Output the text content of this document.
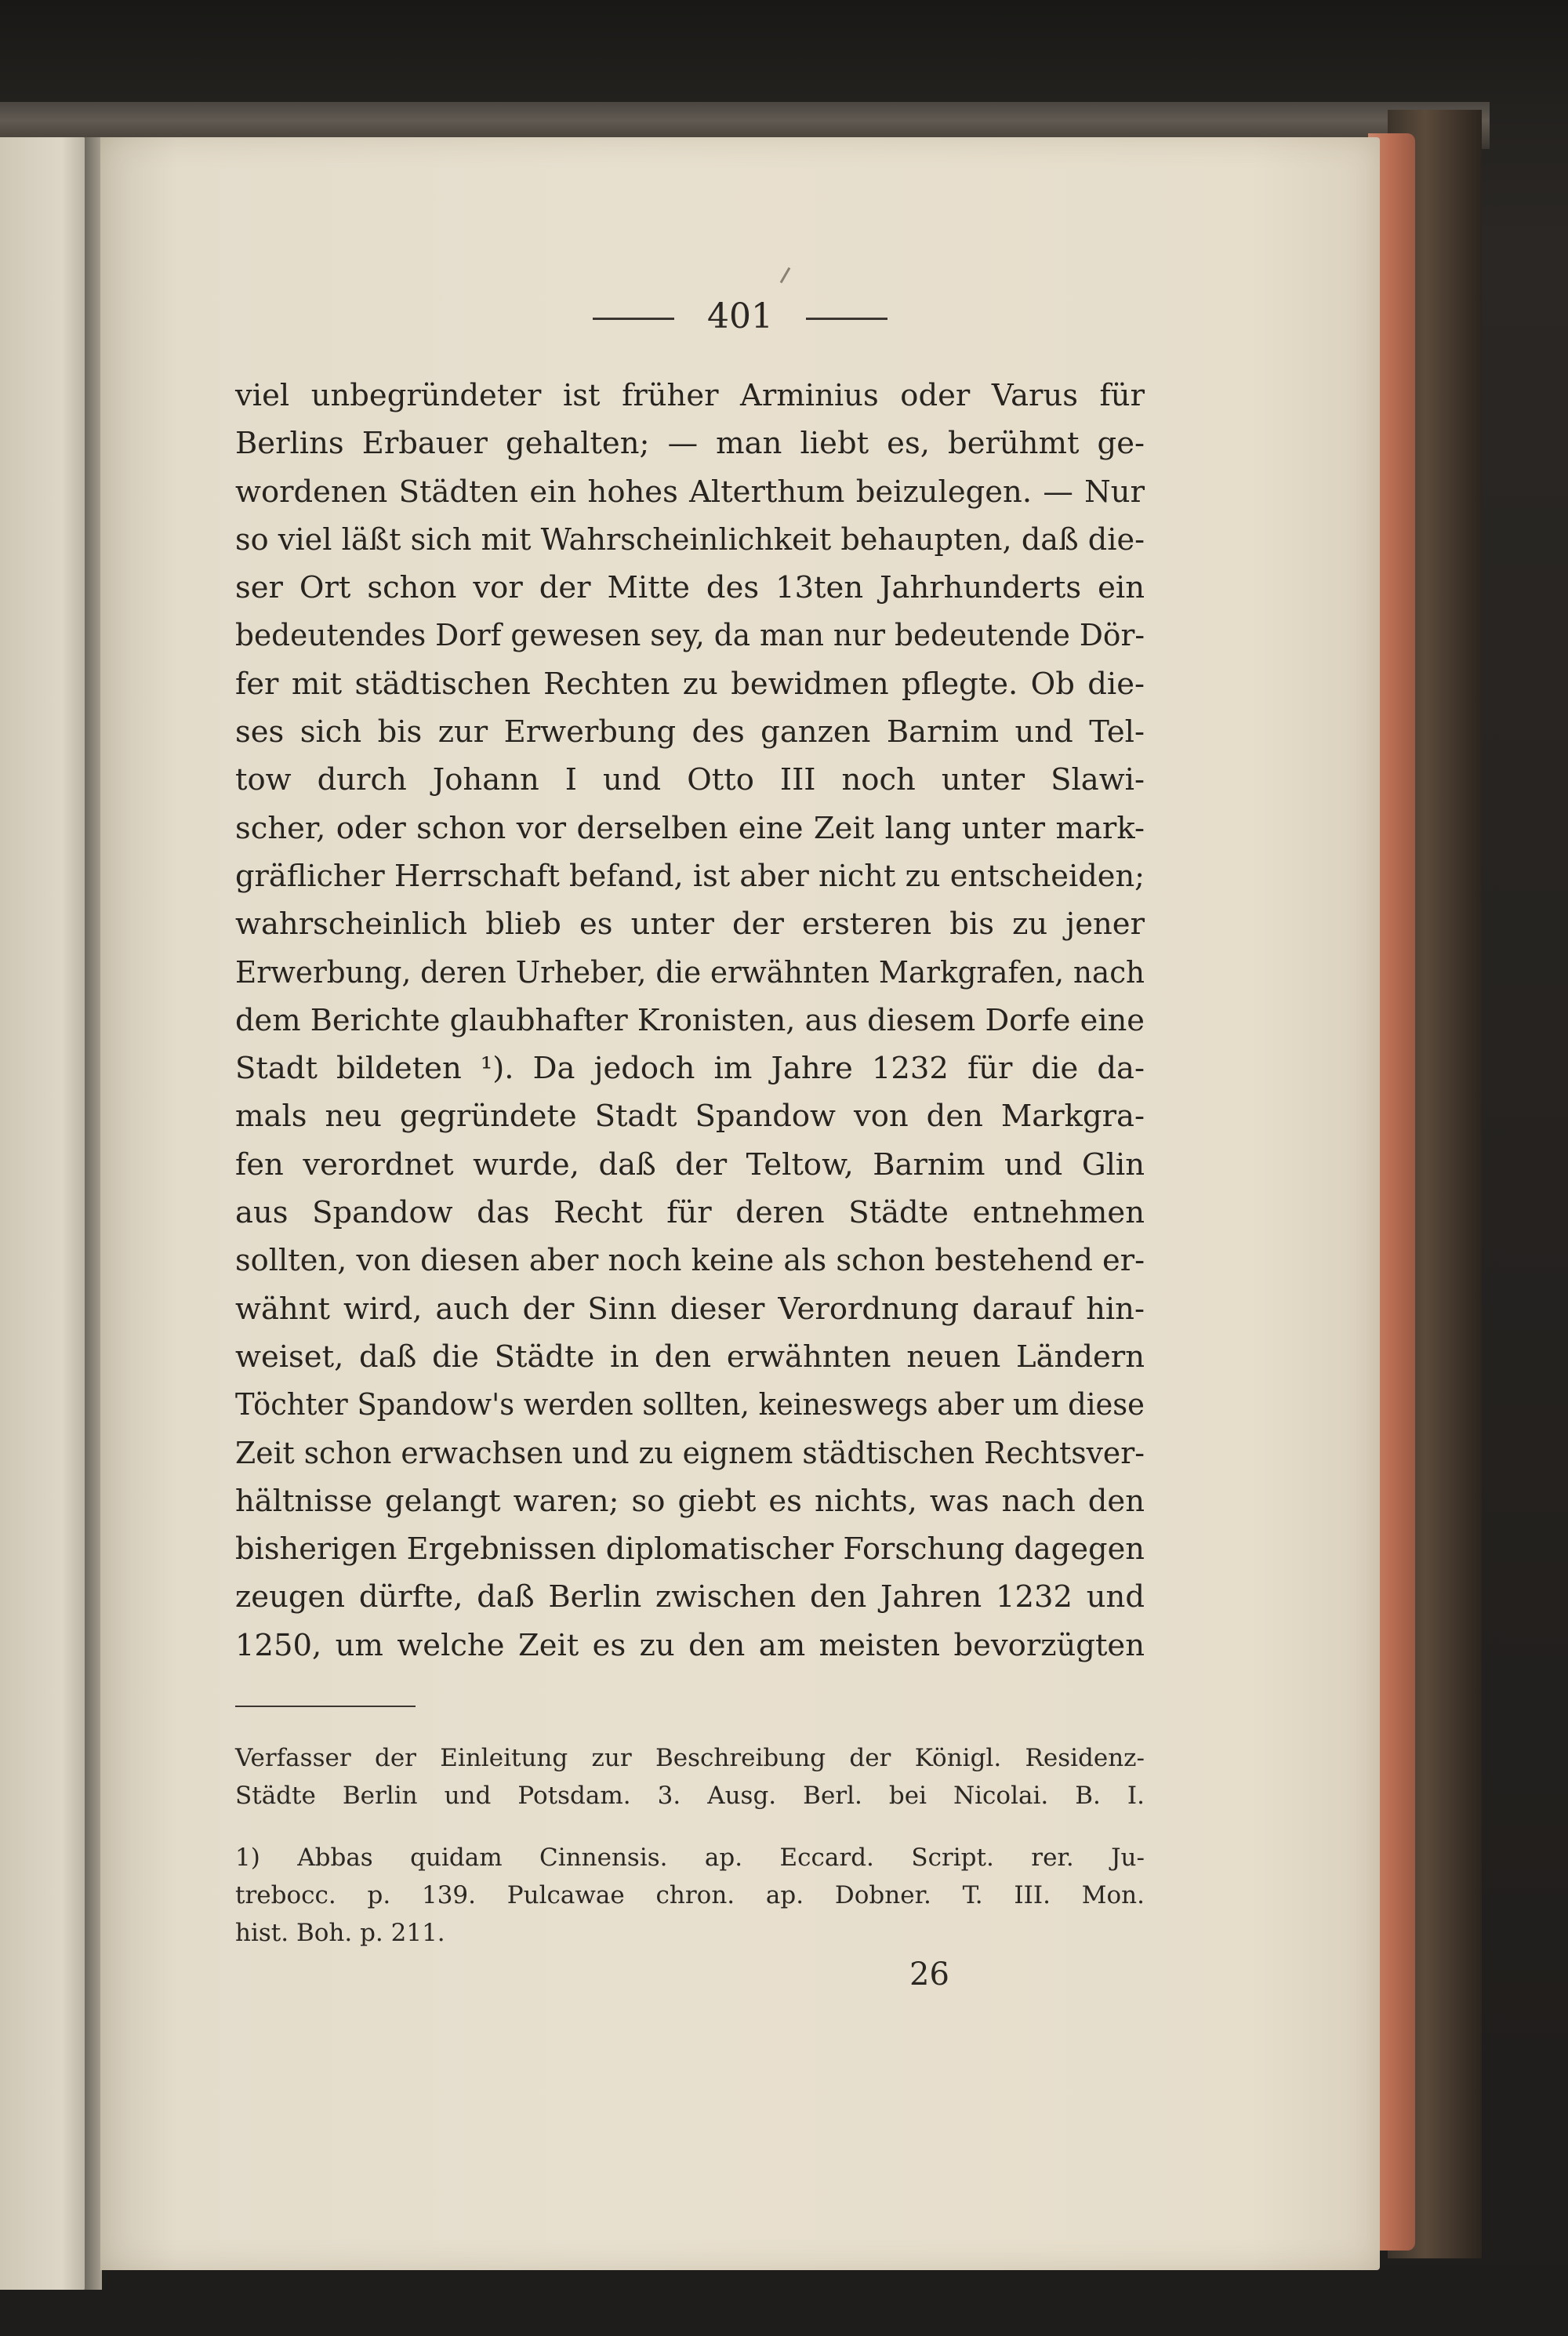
401
viel unbegründeter ist früher Arminius oder Varus für
Berlins Erbauer gehalten; — man liebt es, berühmt ge-
wordenen Städten ein hohes Alterthum beizulegen. — Nur
so viel läßt sich mit Wahrscheinlichkeit behaupten, daß die-
ser Ort schon vor der Mitte des 13ten Jahrhunderts ein
bedeutendes Dorf gewesen sey, da man nur bedeutende Dör-
fer mit städtischen Rechten zu bewidmen pflegte. Ob die-
ses sich bis zur Erwerbung des ganzen Barnim und Tel-
tow durch Johann I und Otto III noch unter Slawi-
scher, oder schon vor derselben eine Zeit lang unter mark-
gräflicher Herrschaft befand, ist aber nicht zu entscheiden;
wahrscheinlich blieb es unter der ersteren bis zu jener
Erwerbung, deren Urheber, die erwähnten Markgrafen, nach
dem Berichte glaubhafter Kronisten, aus diesem Dorfe eine
Stadt bildeten ¹). Da jedoch im Jahre 1232 für die da-
mals neu gegründete Stadt Spandow von den Markgra-
fen verordnet wurde, daß der Teltow, Barnim und Glin
aus Spandow das Recht für deren Städte entnehmen
sollten, von diesen aber noch keine als schon bestehend er-
wähnt wird, auch der Sinn dieser Verordnung darauf hin-
weiset, daß die Städte in den erwähnten neuen Ländern
Töchter Spandow's werden sollten, keineswegs aber um diese
Zeit schon erwachsen und zu eignem städtischen Rechtsver-
hältnisse gelangt waren; so giebt es nichts, was nach den
bisherigen Ergebnissen diplomatischer Forschung dagegen
zeugen dürfte, daß Berlin zwischen den Jahren 1232 und
1250, um welche Zeit es zu den am meisten bevorzügten
Verfasser der Einleitung zur Beschreibung der Königl. Residenz-
Städte Berlin und Potsdam. 3. Ausg. Berl. bei Nicolai. B. I.
1) Abbas quidam Cinnensis. ap. Eccard. Script. rer. Ju-
trebocc. p. 139. Pulcawae chron. ap. Dobner. T. III. Mon.
hist. Boh. p. 211.
26
